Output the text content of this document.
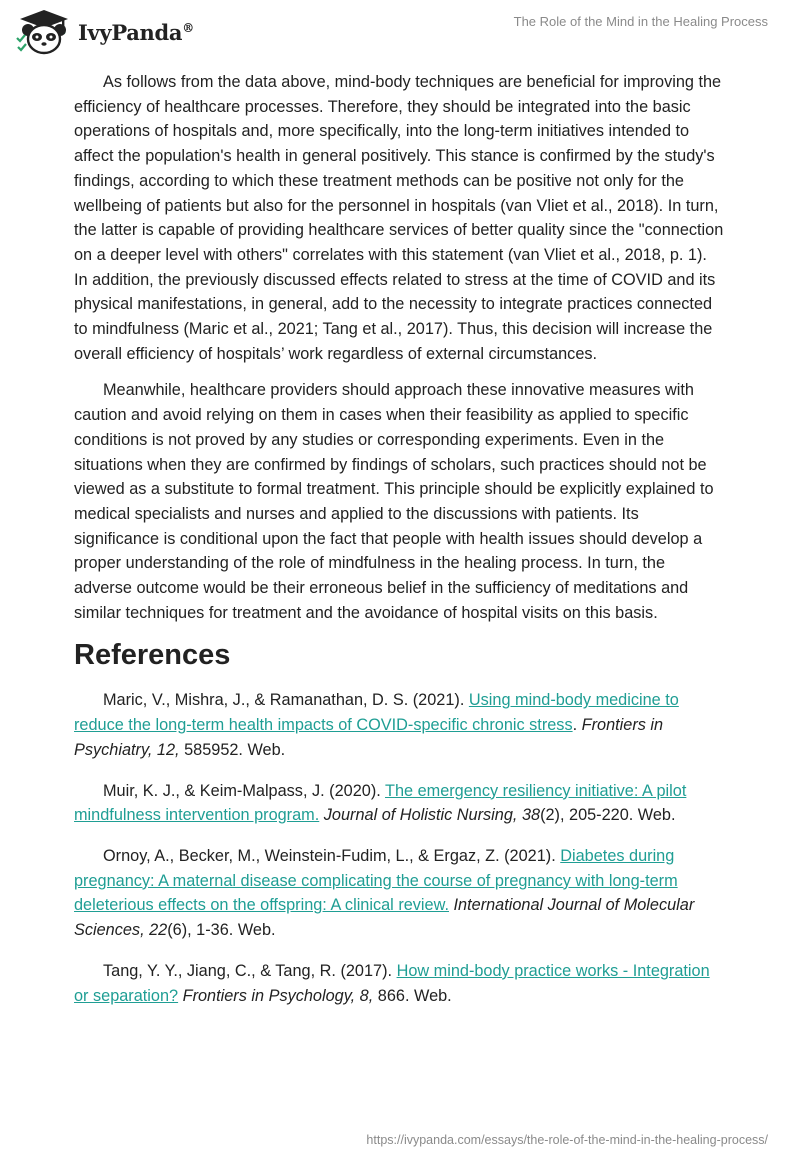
IvyPanda®	The Role of the Mind in the Healing Process

As follows from the data above, mind-body techniques are beneficial for improving the efficiency of healthcare processes. Therefore, they should be integrated into the basic operations of hospitals and, more specifically, into the long-term initiatives intended to affect the population's health in general positively. This stance is confirmed by the study's findings, according to which these treatment methods can be positive not only for the wellbeing of patients but also for the personnel in hospitals (van Vliet et al., 2018). In turn, the latter is capable of providing healthcare services of better quality since the "connection on a deeper level with others" correlates with this statement (van Vliet et al., 2018, p. 1). In addition, the previously discussed effects related to stress at the time of COVID and its physical manifestations, in general, add to the necessity to integrate practices connected to mindfulness (Maric et al., 2021; Tang et al., 2017). Thus, this decision will increase the overall efficiency of hospitals’ work regardless of external circumstances.

Meanwhile, healthcare providers should approach these innovative measures with caution and avoid relying on them in cases when their feasibility as applied to specific conditions is not proved by any studies or corresponding experiments. Even in the situations when they are confirmed by findings of scholars, such practices should not be viewed as a substitute to formal treatment. This principle should be explicitly explained to medical specialists and nurses and applied to the discussions with patients. Its significance is conditional upon the fact that people with health issues should develop a proper understanding of the role of mindfulness in the healing process. In turn, the adverse outcome would be their erroneous belief in the sufficiency of meditations and similar techniques for treatment and the avoidance of hospital visits on this basis.

References

Maric, V., Mishra, J., & Ramanathan, D. S. (2021). Using mind-body medicine to reduce the long-term health impacts of COVID-specific chronic stress. Frontiers in Psychiatry, 12, 585952. Web.

Muir, K. J., & Keim-Malpass, J. (2020). The emergency resiliency initiative: A pilot mindfulness intervention program. Journal of Holistic Nursing, 38(2), 205-220. Web.

Ornoy, A., Becker, M., Weinstein-Fudim, L., & Ergaz, Z. (2021). Diabetes during pregnancy: A maternal disease complicating the course of pregnancy with long-term deleterious effects on the offspring: A clinical review. International Journal of Molecular Sciences, 22(6), 1-36. Web.

Tang, Y. Y., Jiang, C., & Tang, R. (2017). How mind-body practice works - Integration or separation? Frontiers in Psychology, 8, 866. Web.

https://ivypanda.com/essays/the-role-of-the-mind-in-the-healing-process/
